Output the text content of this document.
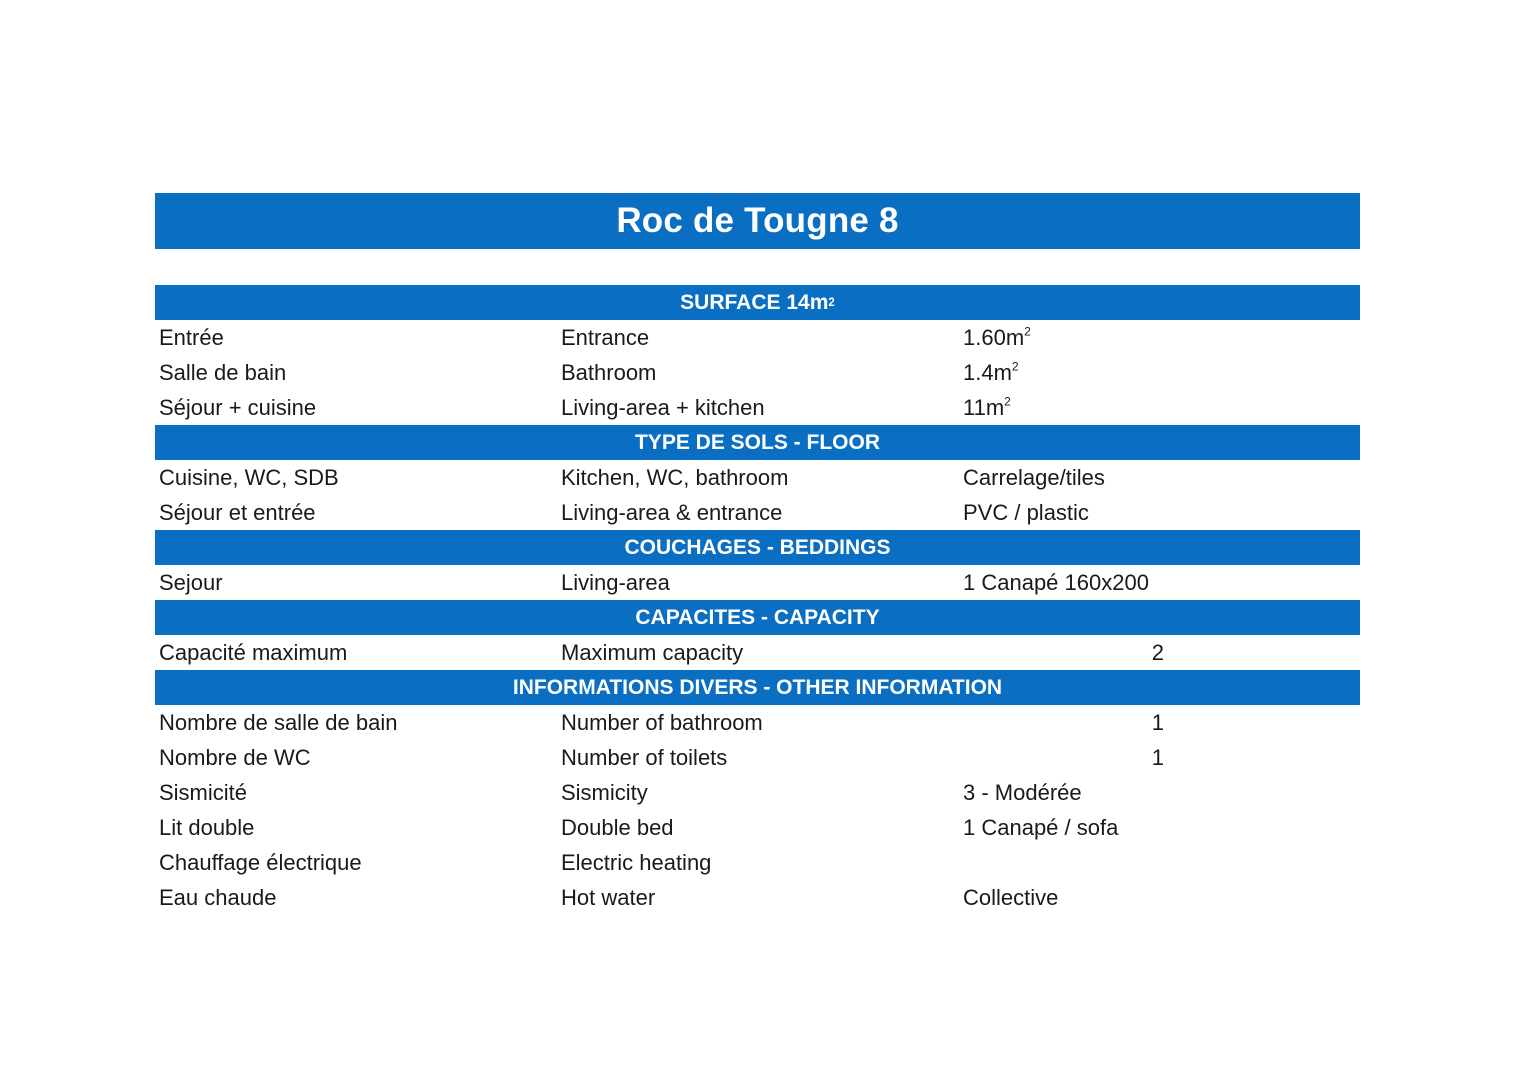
Roc de Tougne 8
SURFACE 14m 2
Entrée	Entrance	$1.60m^2$
Salle de bain	Bathroom	$1.4m^2$
Séjour + cuisine	Living-area + kitchen	$11m^2$
TYPE DE SOLS - FLOOR
Cuisine, WC, SDB	Kitchen, WC, bathroom	Carrelage/tiles
Séjour et entrée	Living-area & entrance	PVC / plastic
COUCHAGES - BEDDINGS
Sejour	Living-area	1 Canapé 160x200
CAPACITES - CAPACITY
Capacité maximum	Maximum capacity	2
INFORMATIONS DIVERS - OTHER INFORMATION
Nombre de salle de bain	Number of bathroom	1
Nombre de WC	Number of toilets	1
Sismicité	Sismicity	3 - Modérée
Lit double	Double bed	1 Canapé / sofa
Chauffage électrique	Electric heating
Eau chaude	Hot water	Collective
